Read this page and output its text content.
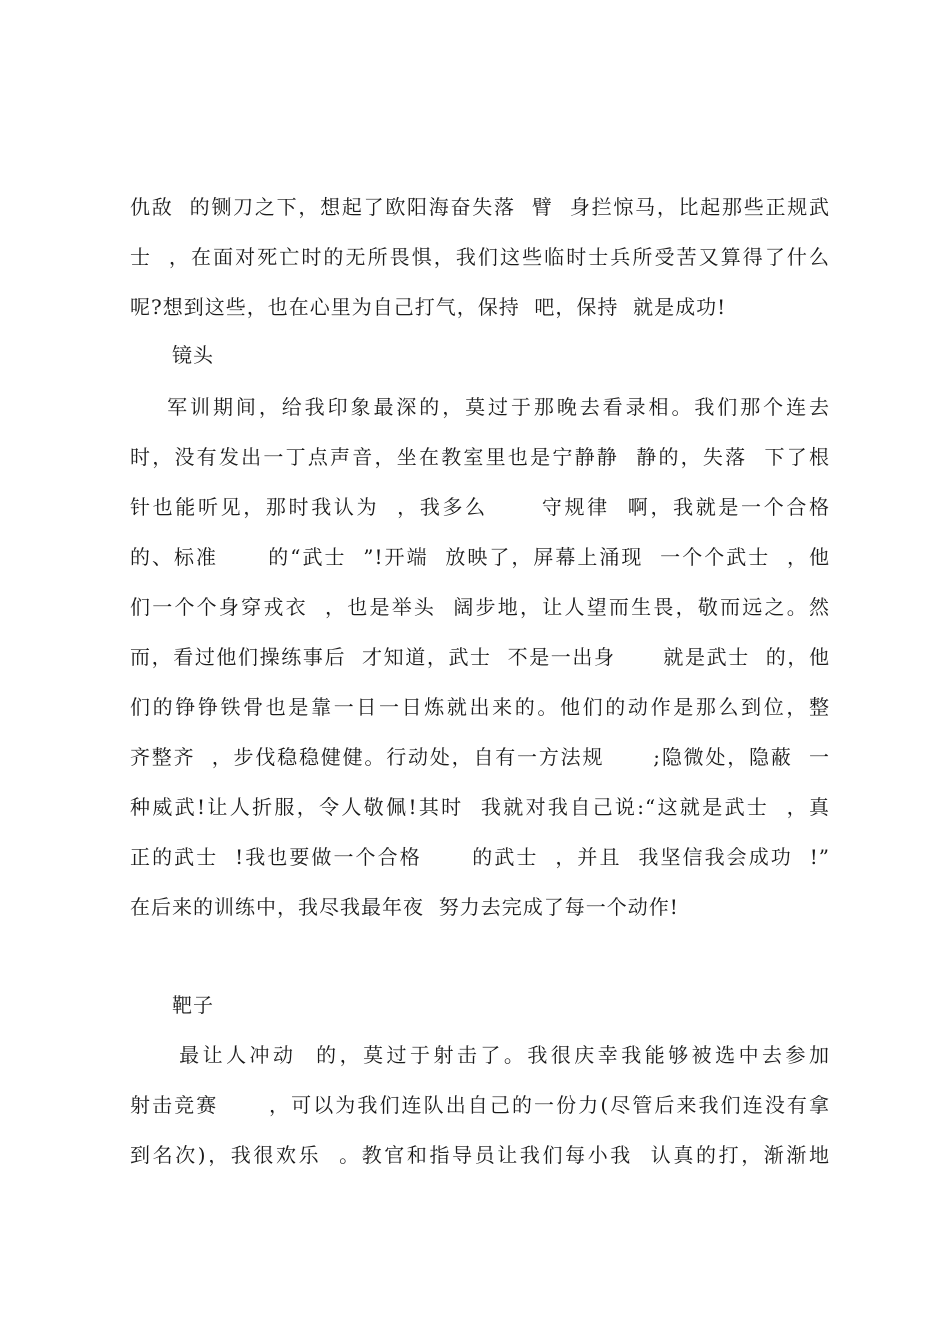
仇敌  的铡刀之下，想起了欧阳海奋失落  臂  身拦惊马，比起那些正规武
士  ，在面对死亡时的无所畏惧，我们这些临时士兵所受苦又算得了什么
呢?想到这些，也在心里为自己打气，保持  吧，保持  就是成功!
镜头
军训期间，给我印象最深的，莫过于那晚去看录相。我们那个连去
时，没有发出一丁点声音，坐在教室里也是宁静静  静的，失落  下了根
针也能听见，那时我认为  ，我多么      守规律  啊，我就是一个合格
的、标准      的“武士  ”!开端  放映了，屏幕上涌现  一个个武士  ，他
们一个个身穿戎衣  ，也是举头  阔步地，让人望而生畏，敬而远之。然
而，看过他们操练事后  才知道，武士  不是一出身      就是武士  的，他
们的铮铮铁骨也是靠一日一日炼就出来的。他们的动作是那么到位，整
齐整齐  ，步伐稳稳健健。行动处，自有一方法规      ;隐微处，隐蔽  一
种威武!让人折服，令人敬佩!其时  我就对我自己说:“这就是武士  ，真
正的武士  !我也要做一个合格      的武士  ，并且  我坚信我会成功  !”
在后来的训练中，我尽我最年夜  努力去完成了每一个动作!
靶子
最让人冲动  的，莫过于射击了。我很庆幸我能够被选中去参加
射击竞赛      ，可以为我们连队出自己的一份力(尽管后来我们连没有拿
到名次)，我很欢乐  。教官和指导员让我们每小我  认真的打，渐渐地
